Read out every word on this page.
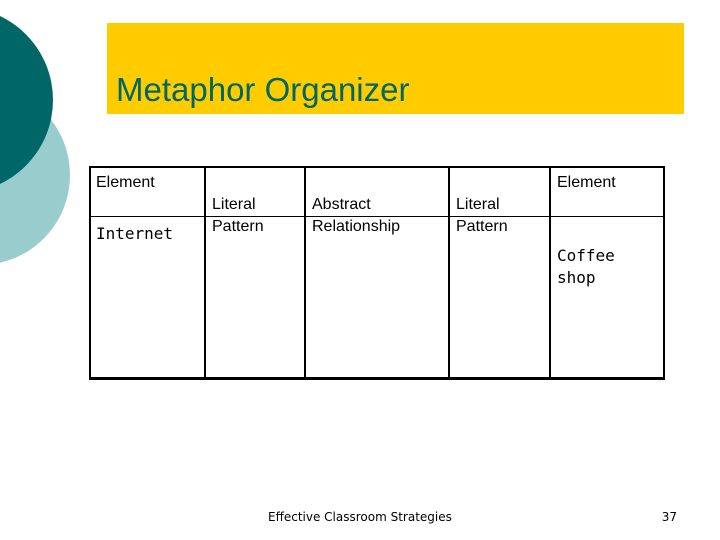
Metaphor Organizer
Element

Literal
Pattern

Abstract
Relationship

Literal
Pattern

Element
Internet

Coffee
shop

Effective Classroom Strategies	37
